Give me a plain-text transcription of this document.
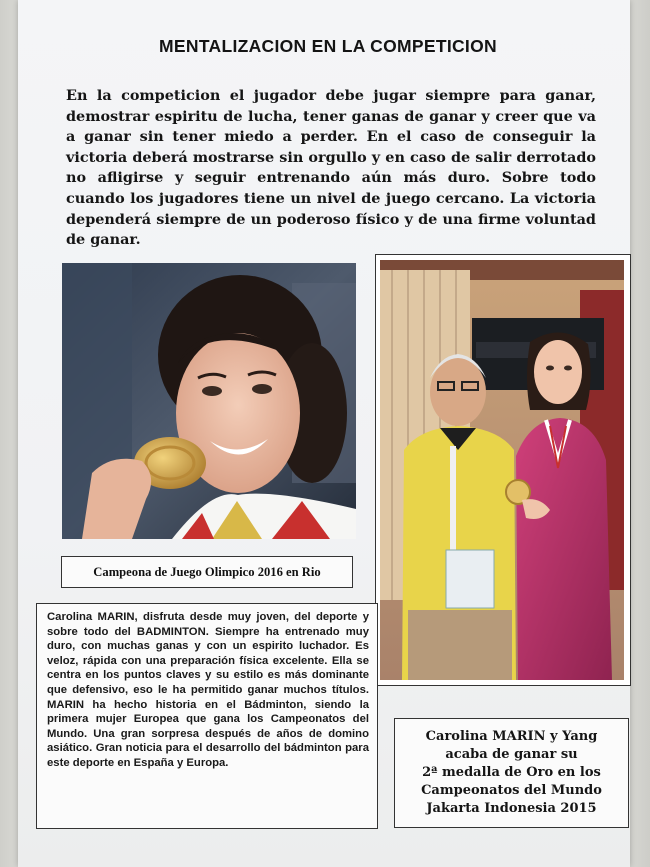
MENTALIZACION EN LA COMPETICION
En la competicion el jugador debe jugar siempre para ganar, demostrar espiritu de lucha, tener ganas de ganar y creer que va a ganar sin tener miedo a perder. En el caso de conseguir la victoria deberá mostrarse sin orgullo y en caso de salir derrotado no afligirse y seguir entrenando aún más duro. Sobre todo cuando los jugadores tiene un nivel de juego cercano. La victoria dependerá siempre de un poderoso físico y de una firme voluntad de ganar.
Campeona de Juego Olimpico 2016 en Rio
Carolina MARIN, disfruta desde muy joven, del deporte y sobre todo del BADMINTON. Siempre ha entrenado muy duro, con muchas ganas y con un espirito luchador. Es veloz, rápida con una preparación física excelente. Ella se centra en los puntos claves y su estilo es más dominante que defensivo, eso le ha permitido ganar muchos títulos. MARIN ha hecho historia en el Bádminton, siendo la primera mujer Europea que gana los Campeonatos del Mundo. Una gran sorpresa después de años de domino asiático. Gran noticia para el desarrollo del bádminton para este deporte en España y Europa.
Carolina MARIN y Yang
acaba de ganar su
2ª medalla de Oro en los
Campeonatos del Mundo
Jakarta Indonesia 2015
